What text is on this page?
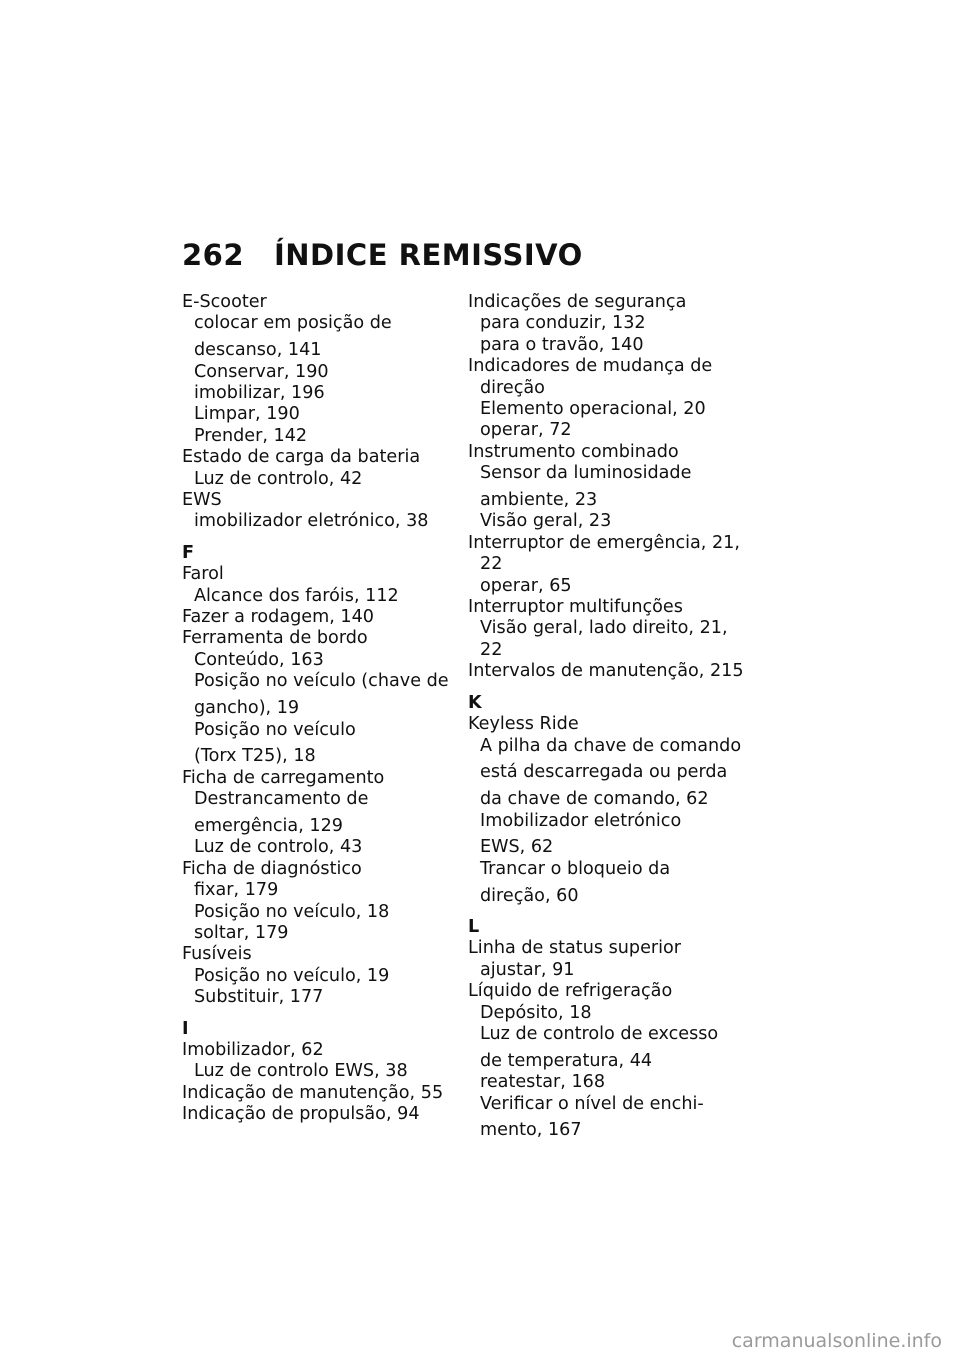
262 ÍNDICE REMISSIVO
E-Scooter
colocar em posição de
descanso, 141
Conservar, 190
imobilizar, 196
Limpar, 190
Prender, 142
Estado de carga da bateria
Luz de controlo, 42
EWS
imobilizador eletrónico, 38
F
Farol
Alcance dos faróis, 112
Fazer a rodagem, 140
Ferramenta de bordo
Conteúdo, 163
Posição no veículo (chave de
gancho), 19
Posição no veículo
(Torx T25), 18
Ficha de carregamento
Destrancamento de
emergência, 129
Luz de controlo, 43
Ficha de diagnóstico
fixar, 179
Posição no veículo, 18
soltar, 179
Fusíveis
Posição no veículo, 19
Substituir, 177
I
Imobilizador, 62
Luz de controlo EWS, 38
Indicação de manutenção, 55
Indicação de propulsão, 94
Indicações de segurança
para conduzir, 132
para o travão, 140
Indicadores de mudança de
direção
Elemento operacional, 20
operar, 72
Instrumento combinado
Sensor da luminosidade
ambiente, 23
Visão geral, 23
Interruptor de emergência, 21,
22
operar, 65
Interruptor multifunções
Visão geral, lado direito, 21,
22
Intervalos de manutenção, 215
K
Keyless Ride
A pilha da chave de comando
está descarregada ou perda
da chave de comando, 62
Imobilizador eletrónico
EWS, 62
Trancar o bloqueio da
direção, 60
L
Linha de status superior
ajustar, 91
Líquido de refrigeração
Depósito, 18
Luz de controlo de excesso
de temperatura, 44
reatestar, 168
Verificar o nível de enchi-
mento, 167
carmanualsonline.info
